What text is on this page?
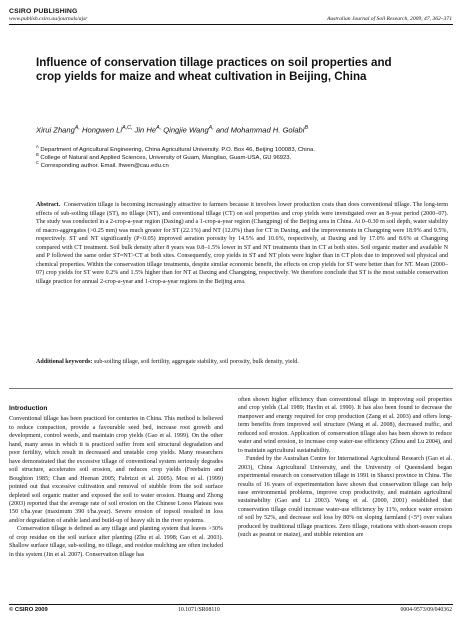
CSIRO PUBLISHING
www.publish.csiro.au/journals/ajsr	Australian Journal of Soil Research, 2009, 47, 362–371
Influence of conservation tillage practices on soil properties and crop yields for maize and wheat cultivation in Beijing, China
Xirui Zhang$^{A,}$ Hongwen $Li^{A,C,}$ Jin $He^{A,}$ Qingjie Wang$^{A,}$ and Mohammad H. Golabi$^B$
$^A$ Department of Agricultural Engineering, China Agricultural University. P.O. Box 46, Beijing 100083, China.
$^B$ College of Natural and Applied Sciences, University of Guam, Mangilao, Guam-USA, GU 96923.
$^C$ Corresponding author. Email. lhwen@cau.edu.cn
Abstract. Conservation tillage is becoming increasingly attractive to farmers because it involves lower production costs than does conventional tillage. The long-term effects of sub-soiling tillage (ST), no tillage (NT), and conventional tillage (CT) on soil properties and crop yields were investigated over an 8-year period (2000–07). The study was conducted in a 2-crop-a-year region (Daxing) and a 1-crop-a-year region (Changping) of the Beijing area in China. At 0–0.30 m soil depth, water stability of macro-aggregates (>0.25 mm) was much greater for ST (22.1%) and NT (12.0%) than for CT in Daxing, and the improvements in Changping were 18.9% and 9.5%, respectively. ST and NT significantly (P<0.05) improved aeration porosity by 14.5% and 10.6%, respectively, at Daxing and by 17.0% and 8.6% at Changping compared with CT treatment. Soil bulk density after 8 years was 0.8–1.5% lower in ST and NT treatments than in CT at both sites. Soil organic matter and available N and P followed the same order ST≈NT>CT at both sites. Consequently, crop yields in ST and NT plots were higher than in CT plots due to improved soil physical and chemical properties. Within the conservation tillage treatments, despite similar economic benefit, the effects on crop yields for ST were better than for NT. Mean (2000–07) crop yields for ST were 0.2% and 1.5% higher than for NT at Daxing and Changping, respectively. We therefore conclude that ST is the most suitable conservation tillage practice for annual 2-crop-a-year and 1-crop-a-year regions in the Beijing area.
Additional keywords: sub-soiling tillage, soil fertility, aggregate stability, soil porosity, bulk density, yield.
Introduction

Conventional tillage has been practiced for centuries in China. This method is believed to reduce compaction, provide a favourable seed bed, increase root growth and development, control weeds, and maintain crop yields (Gao et al. 1999). On the other hand, many areas in which it is practiced suffer from soil structural degradation and poor fertility, which result in decreased and unstable crop yields. Many researchers have demonstrated that the excessive tillage of conventional system seriously degrades soil structure, accelerates soil erosion, and reduces crop yields (Freebairn and Boughton 1985; Chan and Heenan 2005; Fabrizzi et al. 2005). Mou et al. (1999) pointed out that excessive cultivation and removal of stubble from the soil surface depleted soil organic matter and exposed the soil to water erosion. Huang and Zhong (2003) reported that the average rate of soil erosion on the Chinese Loess Plateau was 150 t/ha.year (maximum 390 t/ha.year). Severe erosion of topsoil resulted in loss and/or degradation of arable land and build-up of heavy silt in the river systems.

Conservation tillage is defined as any tillage and planting system that leaves >30% of crop residue on the soil surface after planting (Zhu et al. 1998; Gao et al. 2003). Shallow surface tillage, sub-soiling, no tillage, and residue mulching are often included in this system (Jin et al. 2007). Conservation tillage has

often shown higher efficiency than conventional tillage in improving soil properties and crop yields (Lal 1989; Havlin et al. 1990). It has also been found to decrease the manpower and energy required for crop production (Zang et al. 2003) and offers long-term benefits from improved soil structure (Wang et al. 2008), decreased traffic, and reduced soil erosion. Application of conservation tillage also has been shown to reduce water and wind erosion, to increase crop water-use efficiency (Zhou and Lu 2004), and to maintain agricultural sustainability.

Funded by the Australian Centre for International Agricultural Research (Gao et al. 2003), China Agricultural University, and the University of Queensland began experimental research on conservation tillage in 1991 in Shanxi province in China. The results of 16 years of experimentation have shown that conservation tillage can help ease environmental problems, improve crop productivity, and maintain agricultural sustainability (Gao and Li 2003). Wang et al. (2000, 2001) established that conservation tillage could increase water-use efficiency by 11%, reduce water erosion of soil by 52%, and decrease soil loss by 80% on sloping farmland (<5°) over values produced by traditional tillage practices. Zero tillage, rotations with short-season crops (such as peanut or maize), and stubble retention are

© CSIRO 2009	10.1071/SR08110	0004-9573/09/040362
